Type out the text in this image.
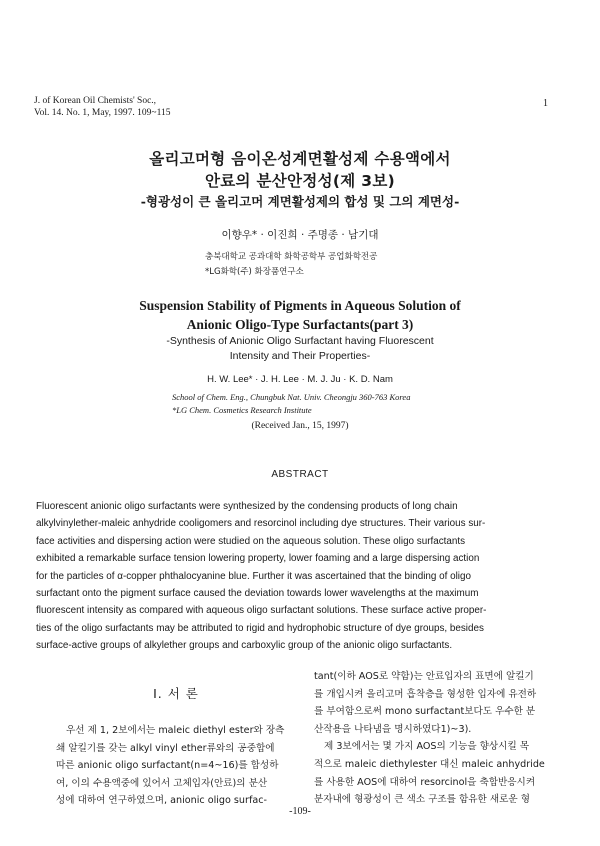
J. of Korean Oil Chemists' Soc.,
Vol. 14. No. 1, May, 1997. 109~115
1
올리고머형 음이온성계면활성제 수용액에서
안료의 분산안정성(제 3보)
-형광성이 큰 올리고머 계면활성제의 합성 및 그의 계면성-
이향우* · 이진희 · 주명종 · 남기대
충북대학교 공과대학 화학공학부 공업화학전공
*LG화학(주) 화장품연구소
Suspension Stability of Pigments in Aqueous Solution of
Anionic Oligo-Type Surfactants(part 3)
-Synthesis of Anionic Oligo Surfactant having Fluorescent
Intensity and Their Properties-
H. W. Lee* · J. H. Lee · M. J. Ju · K. D. Nam
School of Chem. Eng., Chungbuk Nat. Univ. Cheongju 360-763 Korea
*LG Chem. Cosmetics Research Institute
(Received Jan., 15, 1997)
ABSTRACT
Fluorescent anionic oligo surfactants were synthesized by the condensing products of long chain
alkylvinylether-maleic anhydride cooligomers and resorcinol including dye structures. Their various sur-
face activities and dispersing action were studied on the aqueous solution. These oligo surfactants
exhibited a remarkable surface tension lowering property, lower foaming and a large dispersing action
for the particles of α-copper phthalocyanine blue. Further it was ascertained that the binding of oligo
surfactant onto the pigment surface caused the deviation towards lower wavelengths at the maximum
fluorescent intensity as compared with aqueous oligo surfactant solutions. These surface active proper-
ties of the oligo surfactants may be attributed to rigid and hydrophobic structure of dye groups, besides
surface-active groups of alkylether groups and carboxylic group of the anionic oligo surfactants.
I. 서 론
우선 제 1, 2보에서는 maleic diethyl ester와 장측
쇄 알킬기를 갖는 alkyl vinyl ether류와의 공중합에
따른 anionic oligo surfactant(n=4~16)를 합성하
여, 이의 수용액중에 있어서 고체입자(안료)의 분산
성에 대하여 연구하였으며, anionic oligo surfac-
tant(이하 AOS로 약함)는 안료입자의 표면에 알킬기
를 개입시켜 올리고머 흡착층을 형성한 입자에 유전하
를 부여함으로써 mono surfactant보다도 우수한 분
산작용을 나타냄을 명시하였다1)~3).
제 3보에서는 몇 가지 AOS의 기능을 향상시킬 목
적으로 maleic diethylester 대신 maleic anhydride
를 사용한 AOS에 대하여 resorcinol을 축합반응시켜
분자내에 형광성이 큰 색소 구조를 함유한 새로운 형
-109-
